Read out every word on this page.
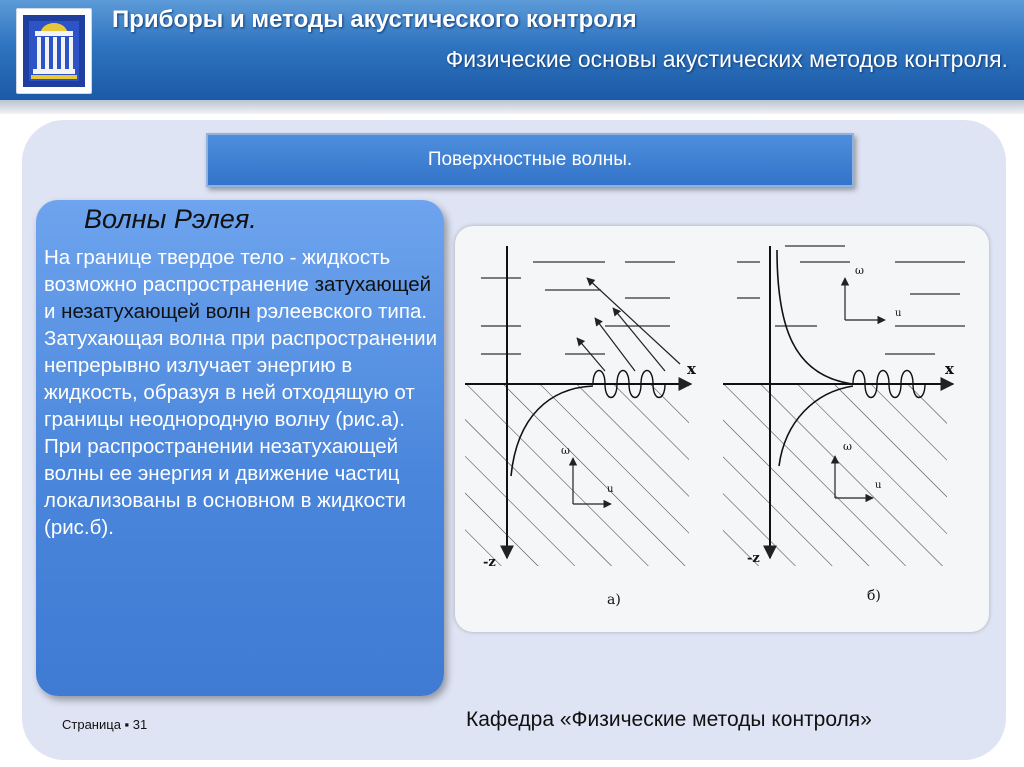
Приборы и методы акустического контроля
Физические основы акустических методов контроля.
Поверхностные волны.
Волны Рэлея.

На границе твердое тело - жидкость возможно распространение затухающей и незатухающей волн рэлеевского типа. Затухающая волна при распространении непрерывно излучает энергию в жидкость, образуя в ней отходящую от границы неоднородную волну (рис.а). При распространении незатухающей волны ее энергия и движение частиц локализованы в основном в жидкости (рис.б).

ω
u
x
-z
а)
ω
u
ω
u
x
-z
б)
Страница ▪ 31	Кафедра «Физические методы контроля»
